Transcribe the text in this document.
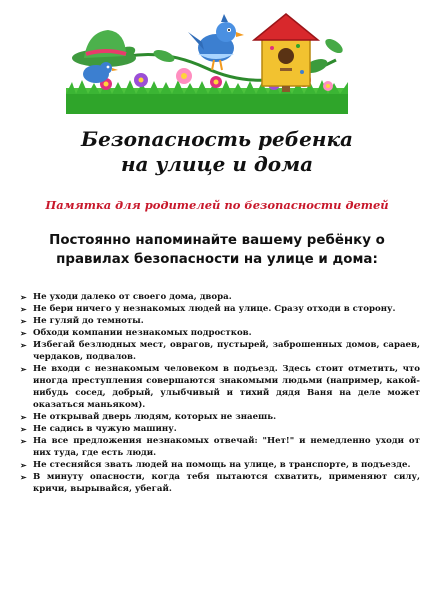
Безопасность ребенка
на улице и дома
Памятка для родителей по безопасности детей
Постоянно напоминайте вашему ребёнку о
правилах безопасности на улице и дома:
➢ Не уходи далеко от своего дома, двора.
➢ Не бери ничего у незнакомых людей на улице. Сразу отходи в сторону.
➢ Не гуляй до темноты.
➢ Обходи компании незнакомых подростков.
➢ Избегай безлюдных мест, оврагов, пустырей, заброшенных домов, сараев, чердаков, подвалов.
➢ Не входи с незнакомым человеком в подъезд. Здесь стоит отметить, что иногда преступления совершаются знакомыми людьми (например, какой-нибудь сосед, добрый, улыбчивый и тихий дядя Ваня на деле может оказаться маньяком).
➢ Не открывай дверь людям, которых не знаешь.
➢ Не садись в чужую машину.
➢ На все предложения незнакомых отвечай: "Нет!" и немедленно уходи от них туда, где есть люди.
➢ Не стесняйся звать людей на помощь на улице, в транспорте, в подъезде.
➢ В минуту опасности, когда тебя пытаются схватить, применяют силу, кричи, вырывайся, убегай.
